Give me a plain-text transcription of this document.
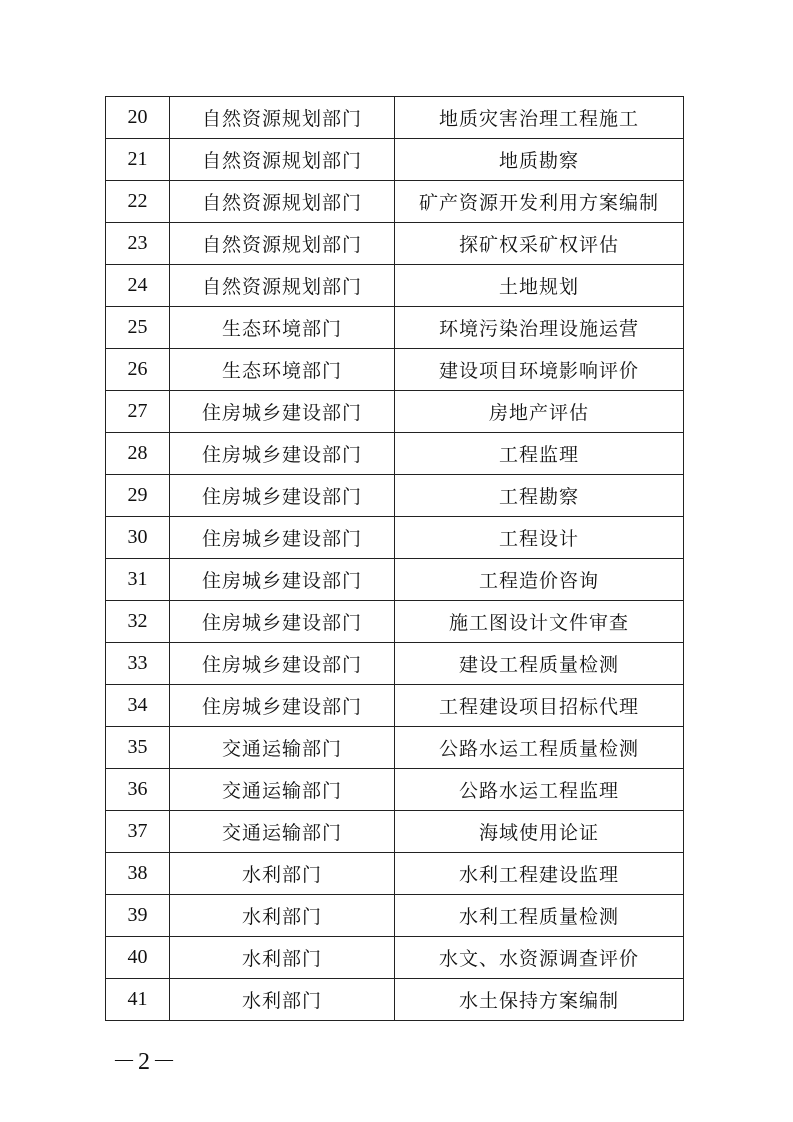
20	自然资源规划部门	地质灾害治理工程施工
21	自然资源规划部门	地质勘察
22	自然资源规划部门	矿产资源开发利用方案编制
23	自然资源规划部门	探矿权采矿权评估
24	自然资源规划部门	土地规划
25	生态环境部门	环境污染治理设施运营
26	生态环境部门	建设项目环境影响评价
27	住房城乡建设部门	房地产评估
28	住房城乡建设部门	工程监理
29	住房城乡建设部门	工程勘察
30	住房城乡建设部门	工程设计
31	住房城乡建设部门	工程造价咨询
32	住房城乡建设部门	施工图设计文件审查
33	住房城乡建设部门	建设工程质量检测
34	住房城乡建设部门	工程建设项目招标代理
35	交通运输部门	公路水运工程质量检测
36	交通运输部门	公路水运工程监理
37	交通运输部门	海域使用论证
38	水利部门	水利工程建设监理
39	水利部门	水利工程质量检测
40	水利部门	水文、水资源调查评价
41	水利部门	水土保持方案编制
－2－
